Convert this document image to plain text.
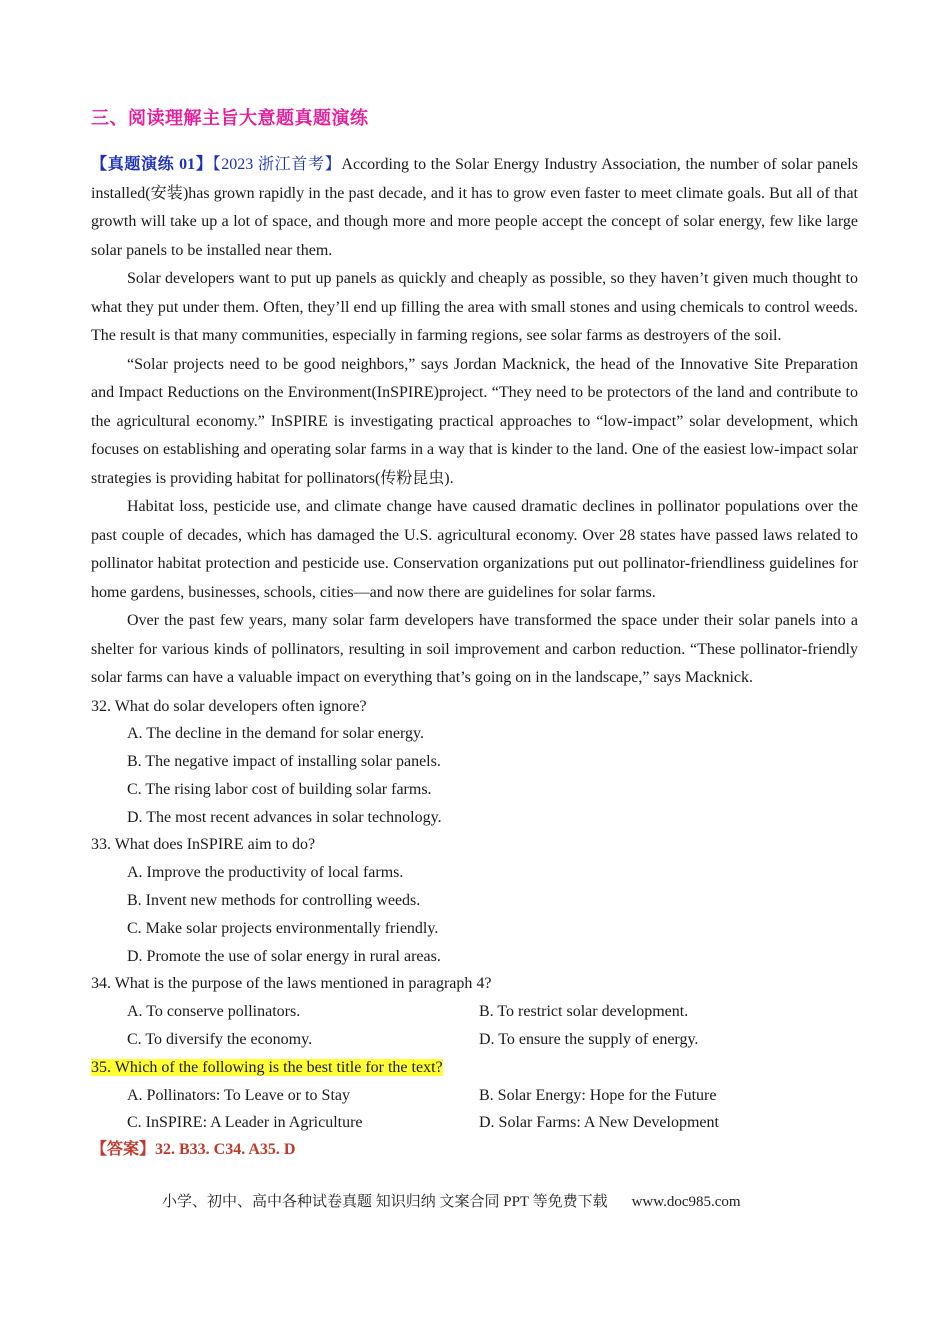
三、阅读理解主旨大意题真题演练

【真题演练 01】【2023 浙江首考】According to the Solar Energy Industry Association, the number of solar panels installed(安装)has grown rapidly in the past decade, and it has to grow even faster to meet climate goals. But all of that growth will take up a lot of space, and though more and more people accept the concept of solar energy, few like large solar panels to be installed near them.

Solar developers want to put up panels as quickly and cheaply as possible, so they haven’t given much thought to what they put under them. Often, they’ll end up filling the area with small stones and using chemicals to control weeds. The result is that many communities, especially in farming regions, see solar farms as destroyers of the soil.

“Solar projects need to be good neighbors,” says Jordan Macknick, the head of the Innovative Site Preparation and Impact Reductions on the Environment(InSPIRE)project. “They need to be protectors of the land and contribute to the agricultural economy.” InSPIRE is investigating practical approaches to “low-impact” solar development, which focuses on establishing and operating solar farms in a way that is kinder to the land. One of the easiest low-impact solar strategies is providing habitat for pollinators(传粉昆虫).

Habitat loss, pesticide use, and climate change have caused dramatic declines in pollinator populations over the past couple of decades, which has damaged the U.S. agricultural economy. Over 28 states have passed laws related to pollinator habitat protection and pesticide use. Conservation organizations put out pollinator-friendliness guidelines for home gardens, businesses, schools, cities—and now there are guidelines for solar farms.

Over the past few years, many solar farm developers have transformed the space under their solar panels into a shelter for various kinds of pollinators, resulting in soil improvement and carbon reduction. “These pollinator-friendly solar farms can have a valuable impact on everything that’s going on in the landscape,” says Macknick.

32. What do solar developers often ignore?

A. The decline in the demand for solar energy.
B. The negative impact of installing solar panels.
C. The rising labor cost of building solar farms.
D. The most recent advances in solar technology.

33. What does InSPIRE aim to do?

A. Improve the productivity of local farms.
B. Invent new methods for controlling weeds.
C. Make solar projects environmentally friendly.
D. Promote the use of solar energy in rural areas.

34. What is the purpose of the laws mentioned in paragraph 4?

A. To conserve pollinators.	B. To restrict solar development.
C. To diversify the economy.	D. To ensure the supply of energy.

35. Which of the following is the best title for the text?

A. Pollinators: To Leave or to Stay	B. Solar Energy: Hope for the Future
C. InSPIRE: A Leader in Agriculture	D. Solar Farms: A New Development

【答案】32. B33. C34. A35. D

小学、初中、高中各种试卷真题 知识归纳 文案合同 PPT 等免费下载 www.doc985.com
